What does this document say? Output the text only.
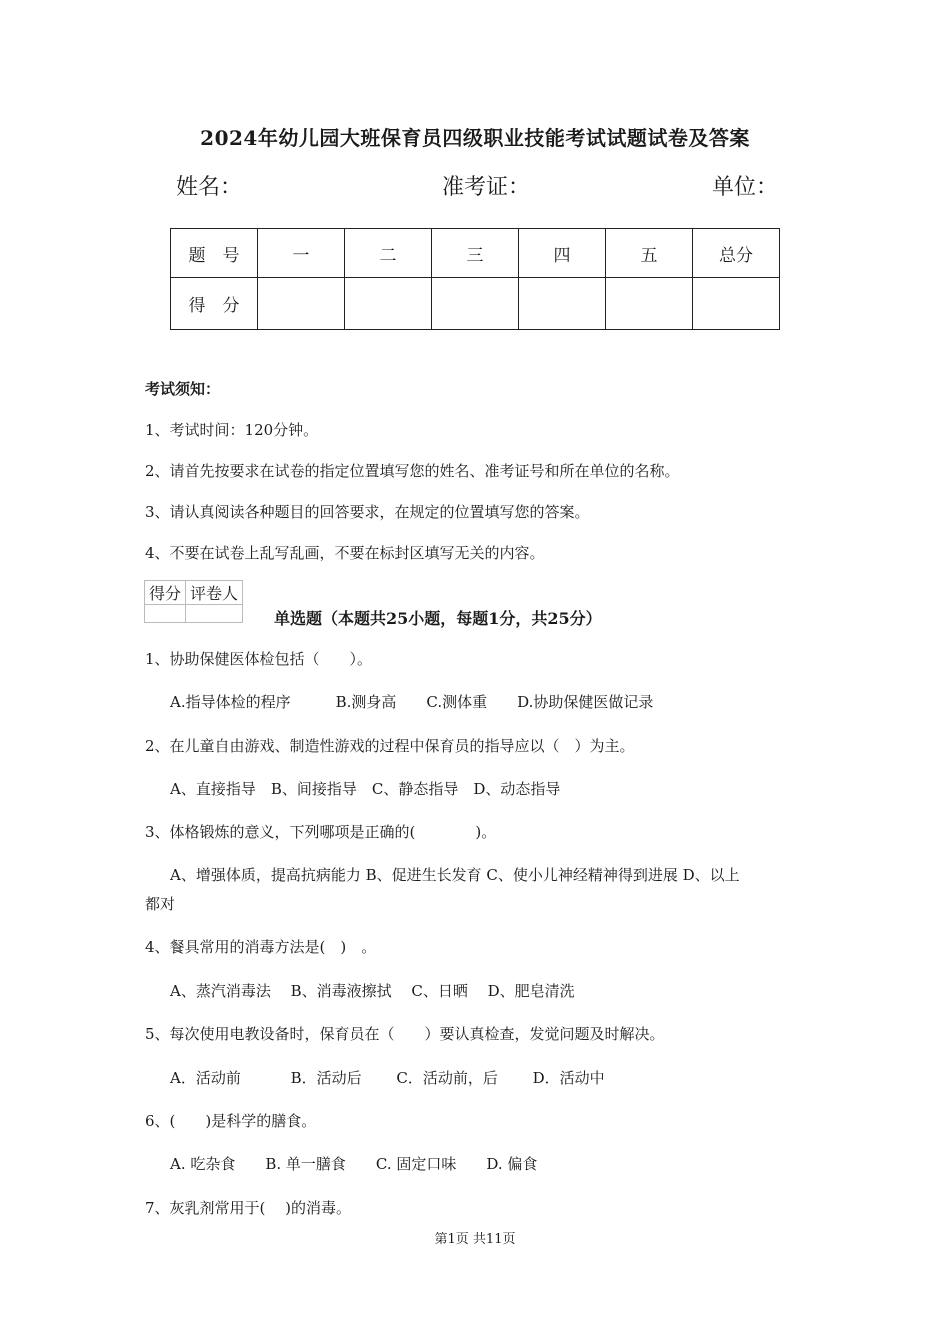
2024年幼儿园大班保育员四级职业技能考试试题试卷及答案
姓名：	准考证：	单位：
题　号	一	二	三	四	五	总分
得　分						
考试须知：
1、考试时间：120分钟。
2、请首先按要求在试卷的指定位置填写您的姓名、准考证号和所在单位的名称。
3、请认真阅读各种题目的回答要求，在规定的位置填写您的答案。
4、不要在试卷上乱写乱画，不要在标封区填写无关的内容。
得分	评卷人

单选题（本题共25小题，每题1分，共25分）
1、协助保健医体检包括（　　）。
A.指导体检的程序　　　B.测身高　　C.测体重　　D.协助保健医做记录
2、在儿童自由游戏、制造性游戏的过程中保育员的指导应以（　）为主。
A、直接指导　B、间接指导　C、静态指导　D、动态指导
3、体格锻炼的意义，下列哪项是正确的(　　　　)。
A、增强体质，提高抗病能力 B、促进生长发育 C、使小儿神经精神得到进展 D、以上
都对
4、餐具常用的消毒方法是(　)　。
A、蒸汽消毒法　 B、消毒液擦拭　 C、日晒　 D、肥皂清洗
5、每次使用电教设备时，保育员在（　　）要认真检查，发觉问题及时解决。
A．活动前　　　 B．活动后　　 C．活动前，后　　 D．活动中
6、(　　)是科学的膳食。
A. 吃杂食　　B. 单一膳食　　C. 固定口味　　D. 偏食
7、灰乳剂常用于(　 )的消毒。
第1页 共11页
